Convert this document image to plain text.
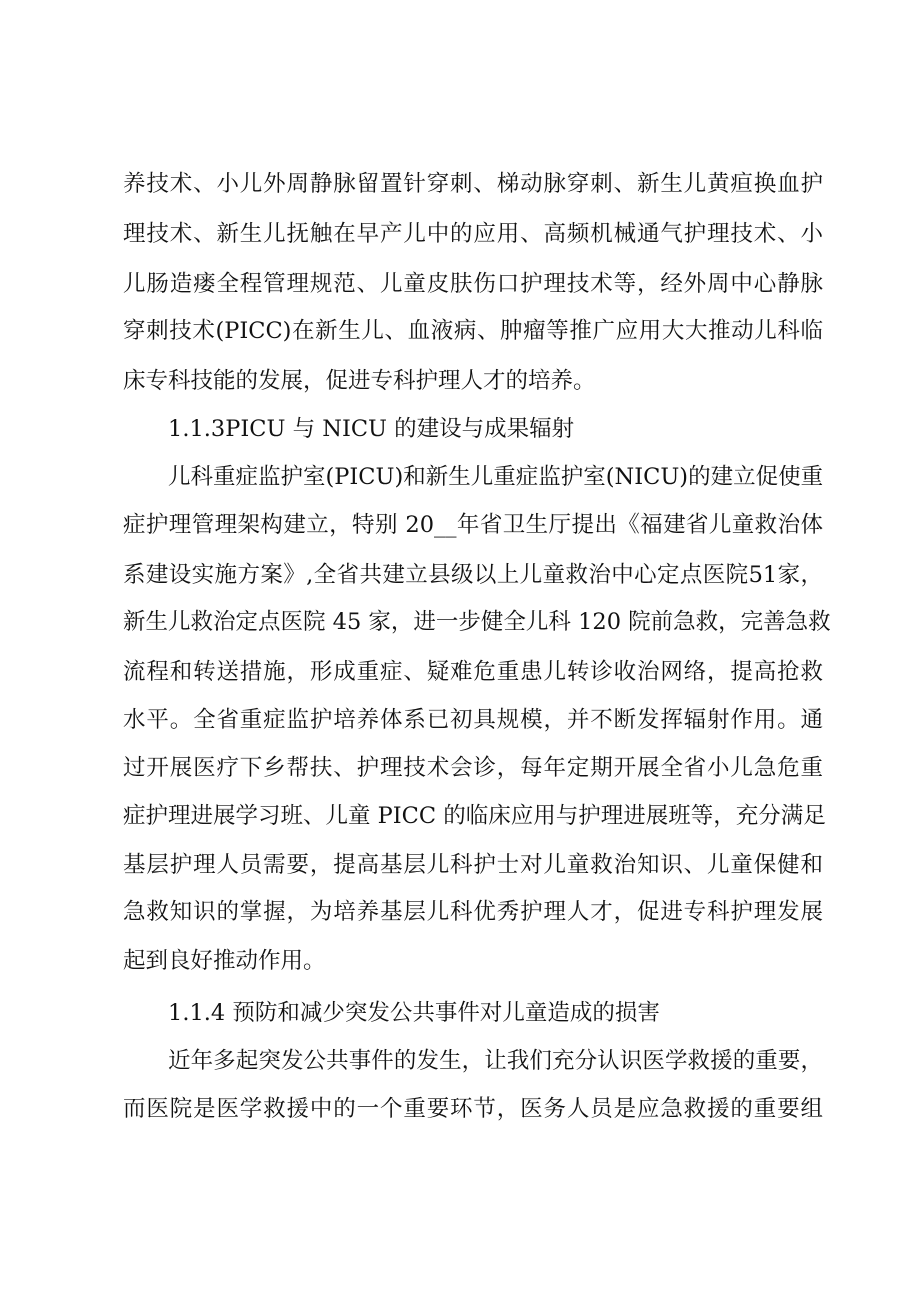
养技术、小儿外周静脉留置针穿刺、梯动脉穿刺、新生儿黄疸换血护
理技术、新生儿抚触在早产儿中的应用、高频机械通气护理技术、小
儿肠造瘘全程管理规范、儿童皮肤伤口护理技术等，经外周中心静脉
穿刺技术(PICC)在新生儿、血液病、肿瘤等推广应用大大推动儿科临
床专科技能的发展，促进专科护理人才的培养。
1.1.3PICU 与 NICU 的建设与成果辐射
儿科重症监护室(PICU)和新生儿重症监护室(NICU)的建立促使重
症护理管理架构建立，特别 20__年省卫生厅提出《福建省儿童救治体
系建设实施方案》,全省共建立县级以上儿童救治中心定点医院51家，
新生儿救治定点医院 45 家，进一步健全儿科 120 院前急救，完善急救
流程和转送措施，形成重症、疑难危重患儿转诊收治网络，提高抢救
水平。全省重症监护培养体系已初具规模，并不断发挥辐射作用。通
过开展医疗下乡帮扶、护理技术会诊，每年定期开展全省小儿急危重
症护理进展学习班、儿童 PICC 的临床应用与护理进展班等，充分满足
基层护理人员需要，提高基层儿科护士对儿童救治知识、儿童保健和
急救知识的掌握，为培养基层儿科优秀护理人才，促进专科护理发展
起到良好推动作用。
1.1.4 预防和减少突发公共事件对儿童造成的损害
近年多起突发公共事件的发生，让我们充分认识医学救援的重要，
而医院是医学救援中的一个重要环节，医务人员是应急救援的重要组
